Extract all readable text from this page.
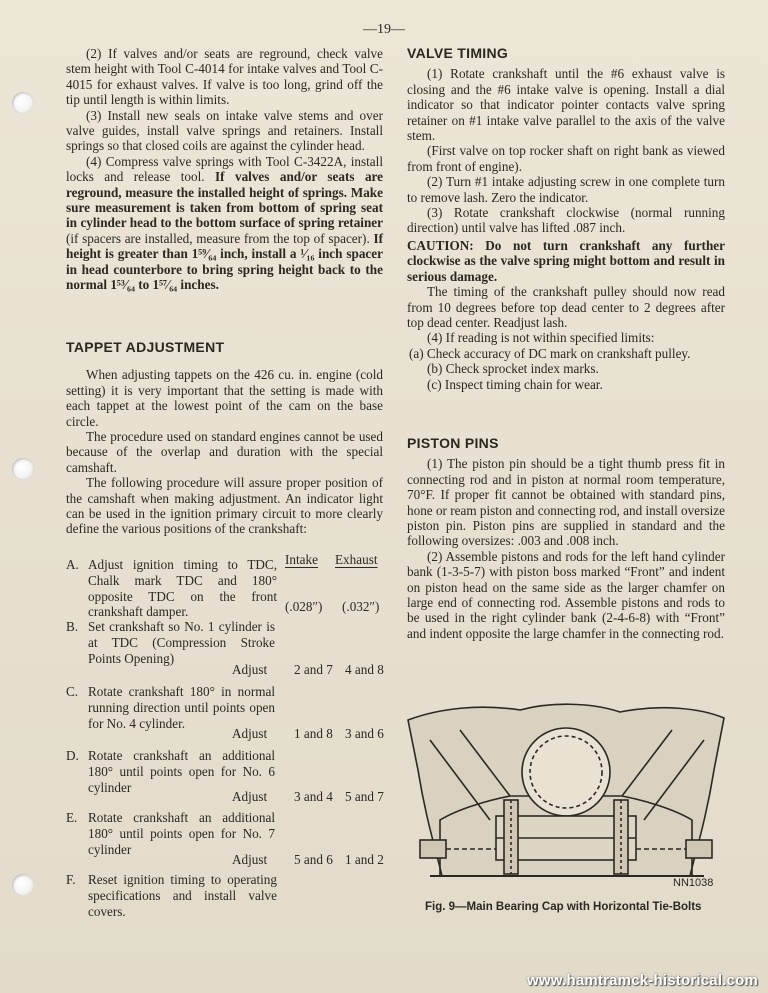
—19—

(2) If valves and/or seats are reground, check valve stem height with Tool C-4014 for intake valves and Tool C-4015 for exhaust valves. If valve is too long, grind off the tip until length is within limits.

(3) Install new seals on intake valve stems and over valve guides, install valve springs and retainers. Install springs so that closed coils are against the cylinder head.

(4) Compress valve springs with Tool C-3422A, install locks and release tool. If valves and/or seats are reground, measure the installed height of springs. Make sure measurement is taken from bottom of spring seat in cylinder head to the bottom surface of spring retainer (if spacers are installed, measure from the top of spacer). If height is greater than 1⁵⁹⁄₆₄ inch, install a ¹⁄₁₆ inch spacer in head counterbore to bring spring height back to the normal 1⁵³⁄₆₄ to 1⁵⁷⁄₆₄ inches.

TAPPET ADJUSTMENT

When adjusting tappets on the 426 cu. in. engine (cold setting) it is very important that the setting is made with each tappet at the lowest point of the cam on the base circle.

The procedure used on standard engines cannot be used because of the overlap and duration with the special camshaft.

The following procedure will assure proper position of the camshaft when making adjustment. An indicator light can be used in the ignition primary circuit to more clearly define the various positions of the crankshaft:

Intake Exhaust
A. Adjust ignition timing to TDC, Chalk mark TDC and 180° opposite TDC on the front crankshaft damper.	(.028″) (.032″)
B. Set crankshaft so No. 1 cylinder is at TDC (Compression Stroke Points Opening)
Adjust 2 and 7 4 and 8
C. Rotate crankshaft 180° in normal running direction until points open for No. 4 cylinder.
Adjust 1 and 8 3 and 6
D. Rotate crankshaft an additional 180° until points open for No. 6 cylinder
Adjust 3 and 4 5 and 7
E. Rotate crankshaft an additional 180° until points open for No. 7 cylinder
Adjust 5 and 6 1 and 2
F. Reset ignition timing to operating specifications and install valve covers.
VALVE TIMING

(1) Rotate crankshaft until the #6 exhaust valve is closing and the #6 intake valve is opening. Install a dial indicator so that indicator pointer contacts valve spring retainer on #1 intake valve parallel to the axis of the valve stem.

(First valve on top rocker shaft on right bank as viewed from front of engine).

(2) Turn #1 intake adjusting screw in one complete turn to remove lash. Zero the indicator.

(3) Rotate crankshaft clockwise (normal running direction) until valve has lifted .087 inch.

CAUTION: Do not turn crankshaft any further clockwise as the valve spring might bottom and result in serious damage.

The timing of the crankshaft pulley should now read from 10 degrees before top dead center to 2 degrees after top dead center. Readjust lash.

(4) If reading is not within specified limits:

(a) Check accuracy of DC mark on crankshaft pulley.

(b) Check sprocket index marks.

(c) Inspect timing chain for wear.

PISTON PINS

(1) The piston pin should be a tight thumb press fit in connecting rod and in piston at normal room temperature, 70°F. If proper fit cannot be obtained with standard pins, hone or ream piston and connecting rod, and install oversize piston pin. Piston pins are supplied in standard and the following oversizes: .003 and .008 inch.

(2) Assemble pistons and rods for the left hand cylinder bank (1-3-5-7) with piston boss marked “Front” and indent on piston head on the same side as the larger chamfer on large end of connecting rod. Assemble pistons and rods to be used in the right cylinder bank (2-4-6-8) with “Front” and indent opposite the large chamfer in the connecting rod.

NN1038
Fig. 9—Main Bearing Cap with Horizontal Tie-Bolts
www.hamtramck-historical.com
